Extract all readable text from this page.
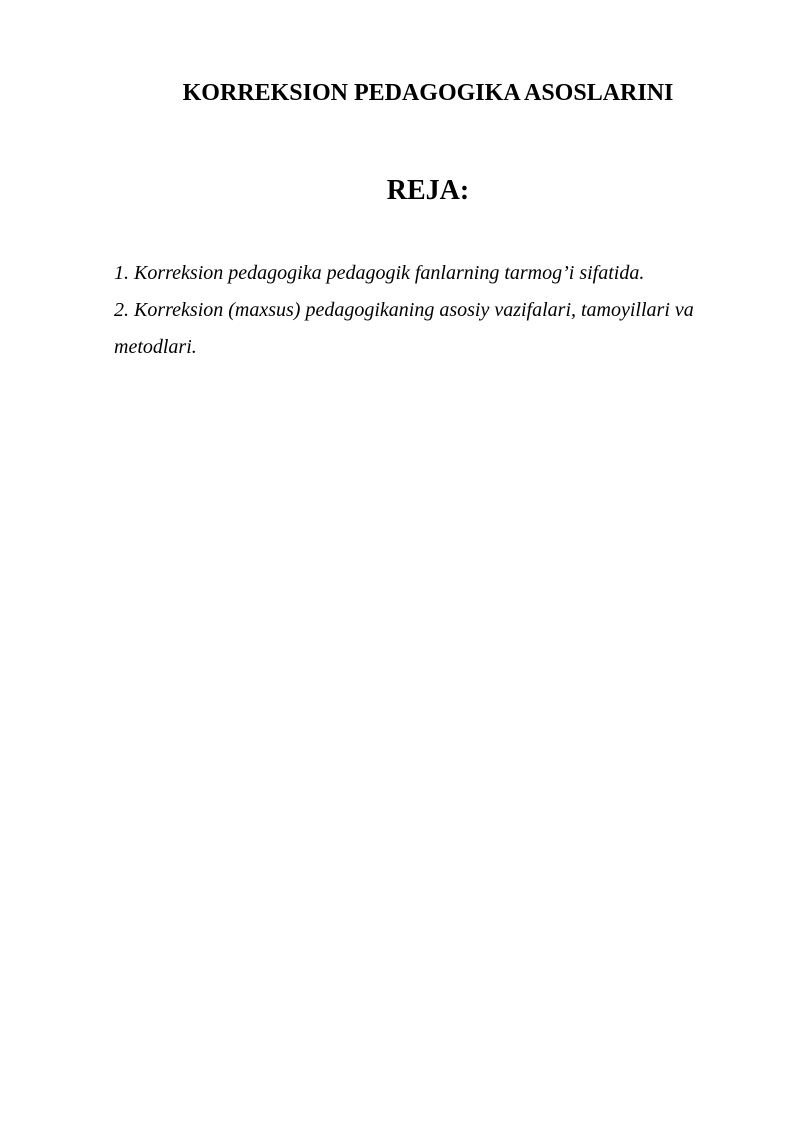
KORREKSION PEDAGOGIKA ASOSLARINI
REJA:
1. Korreksion pedagogika pedagogik fanlarning tarmog’i sifatida.
2. Korreksion (maxsus) pedagogikaning asosiy vazifalari, tamoyillari va metodlari.
